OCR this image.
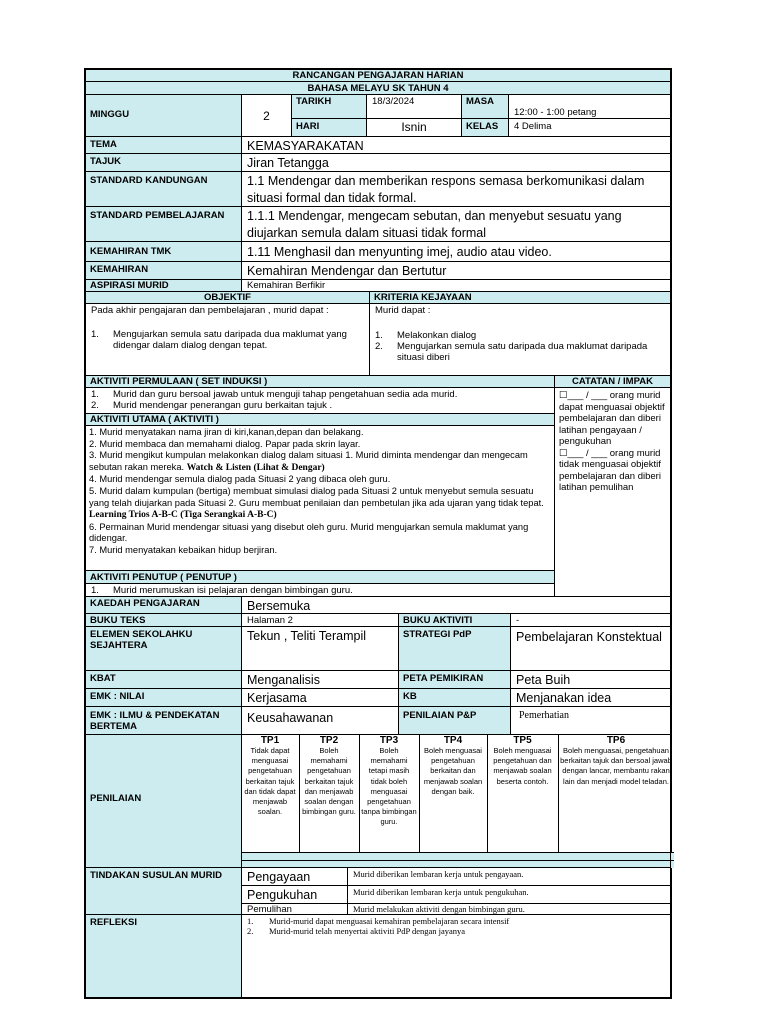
RANCANGAN PENGAJARAN HARIAN
BAHASA MELAYU SK TAHUN 4
MINGGU	2
TARIKH	18/3/2024	MASA
12:00 - 1:00 petang
HARI	Isnin	KELAS	4 Delima
TEMA	KEMASYARAKATAN
TAJUK	Jiran Tetangga
STANDARD KANDUNGAN	1.1 Mendengar dan memberikan respons semasa berkomunikasi dalam situasi formal dan tidak formal.
STANDARD PEMBELAJARAN	1.1.1 Mendengar, mengecam sebutan, dan menyebut sesuatu yang diujarkan semula dalam situasi tidak formal
KEMAHIRAN TMK	1.11 Menghasil dan menyunting imej, audio atau video.
KEMAHIRAN	Kemahiran Mendengar dan Bertutur
ASPIRASI MURID	Kemahiran Berfikir
OBJEKTIF	KRITERIA KEJAYAAN
Pada akhir pengajaran dan pembelajaran , murid dapat :
1.	Mengujarkan semula satu daripada dua maklumat yang didengar dalam dialog dengan tepat.
Murid dapat :
1.	Melakonkan dialog
2.	Mengujarkan semula satu daripada dua maklumat daripada situasi diberi
AKTIVITI PERMULAAN ( SET INDUKSI )
1.	Murid dan guru bersoal jawab untuk menguji tahap pengetahuan sedia ada murid.
2.	Murid mendengar penerangan guru berkaitan tajuk .
CATATAN / IMPAK
☐___ / ___ orang murid dapat menguasai objektif pembelajaran dan diberi latihan pengayaan / pengukuhan
☐___ / ___ orang murid tidak menguasai objektif pembelajaran dan diberi latihan pemulihan
AKTIVITI UTAMA ( AKTIVITI )
1. Murid menyatakan nama jiran di kiri,kanan,depan dan belakang.
2. Murid membaca dan memahami dialog. Papar pada skrin layar.
3. Murid mengikut kumpulan melakonkan dialog dalam situasi 1. Murid diminta mendengar dan mengecam sebutan rakan mereka. Watch & Listen (Lihat & Dengar)
4. Murid mendengar semula dialog pada Situasi 2 yang dibaca oleh guru.
5. Murid dalam kumpulan (bertiga) membuat simulasi dialog pada Situasi 2 untuk menyebut semula sesuatu yang telah diujarkan pada Situasi 2. Guru membuat penilaian dan pembetulan jika ada ujaran yang tidak tepat. Learning Trios A-B-C (Tiga Serangkai A-B-C)
6. Permainan Murid mendengar situasi yang disebut oleh guru. Murid mengujarkan semula maklumat yang didengar.
7. Murid menyatakan kebaikan hidup berjiran.
AKTIVITI PENUTUP ( PENUTUP )
1.	Murid merumuskan isi pelajaran dengan bimbingan guru.
KAEDAH PENGAJARAN	Bersemuka
BUKU TEKS	Halaman 2	BUKU AKTIVITI	-
ELEMEN SEKOLAHKU SEJAHTERA
Tekun , Teliti Terampil	STRATEGI PdP	Pembelajaran Konstektual
KBAT	Menganalisis	PETA PEMIKIRAN	Peta Buih
EMK : NILAI	Kerjasama	KB	Menjanakan idea
EMK : ILMU & PENDEKATAN BERTEMA
Keusahawanan	PENILAIAN P&P	Pemerhatian
PENILAIAN
TP1
Tidak dapat menguasai pengetahuan berkaitan tajuk dan tidak dapat menjawab soalan.
TP2
Boleh memahami pengetahuan berkaitan tajuk dan menjawab soalan dengan bimbingan guru.
TP3
Boleh memahami tetapi masih tidak boleh menguasai pengetahuan tanpa bimbingan guru.
TP4
Boleh menguasai pengetahuan berkaitan dan menjawab soalan dengan baik.
TP5
Boleh menguasai pengetahuan dan menjawab soalan beserta contoh.
TP6
Boleh menguasai, pengetahuan berkaitan tajuk dan bersoal jawab dengan lancar, membantu rakan lain dan menjadi model teladan.
TINDAKAN SUSULAN MURID	Pengayaan	Murid diberikan lembaran kerja untuk pengayaan.
Pengukuhan	Murid diberikan lembaran kerja untuk pengukuhan.
Pemulihan	Murid melakukan aktiviti dengan bimbingan guru.
REFLEKSI	1.	Murid-murid dapat menguasai kemahiran pembelajaran secara intensif
2.	Murid-murid telah menyertai aktiviti PdP dengan jayanya
